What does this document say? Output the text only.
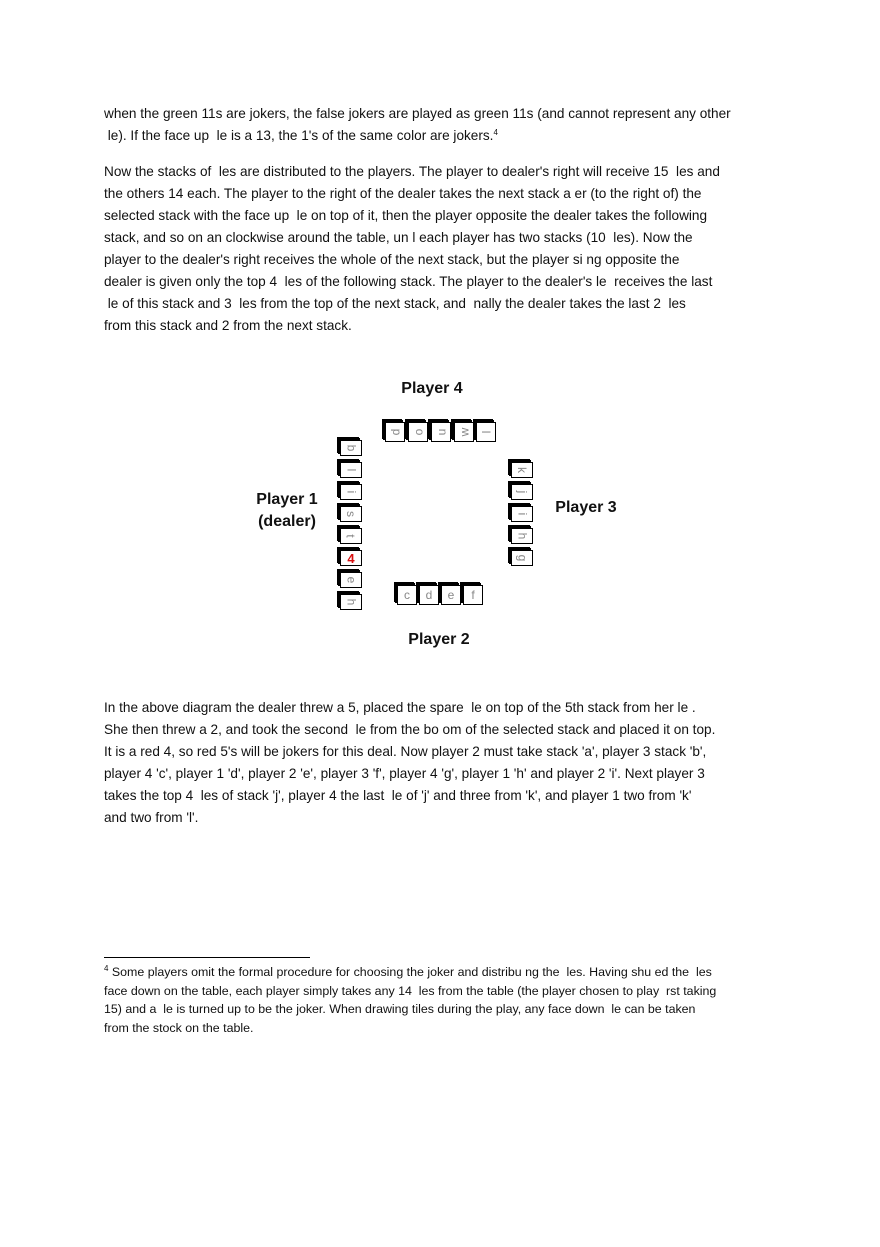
when the green 11s are jokers, the false jokers are played as green 11s (and cannot represent any other
le). If the face up  le is a 13, the 1's of the same color are jokers.$^4$
Now the stacks of  les are distributed to the players. The player to dealer's right will receive 15  les and
the others 14 each. The player to the right of the dealer takes the next stack a er (to the right of) the
selected stack with the face up  le on top of it, then the player opposite the dealer takes the following
stack, and so on an clockwise around the table, un l each player has two stacks (10  les). Now the
player to the dealer's right receives the whole of the next stack, but the player si ng opposite the
dealer is given only the top 4  les of the following stack. The player to the dealer's le  receives the last
le of this stack and 3  les from the top of the next stack, and  nally the dealer takes the last 2  les
from this stack and 2 from the next stack.
Player 4
Player 1
(dealer)
Player 3
Player 2
d o u w l
b
l
i
s
t
4
e
h
k
j
i
h
g
c d e f
In the above diagram the dealer threw a 5, placed the spare  le on top of the 5th stack from her le .
She then threw a 2, and took the second  le from the bo om of the selected stack and placed it on top.
It is a red 4, so red 5's will be jokers for this deal. Now player 2 must take stack 'a', player 3 stack 'b',
player 4 'c', player 1 'd', player 2 'e', player 3 'f', player 4 'g', player 1 'h' and player 2 'i'. Next player 3
takes the top 4  les of stack 'j', player 4 the last  le of 'j' and three from 'k', and player 1 two from 'k'
and two from 'l'.
$^4$ Some players omit the formal procedure for choosing the joker and distribu ng the  les. Having shu ed the  les
face down on the table, each player simply takes any 14  les from the table (the player chosen to play  rst taking
15) and a  le is turned up to be the joker. When drawing tiles during the play, any face down  le can be taken
from the stock on the table.
